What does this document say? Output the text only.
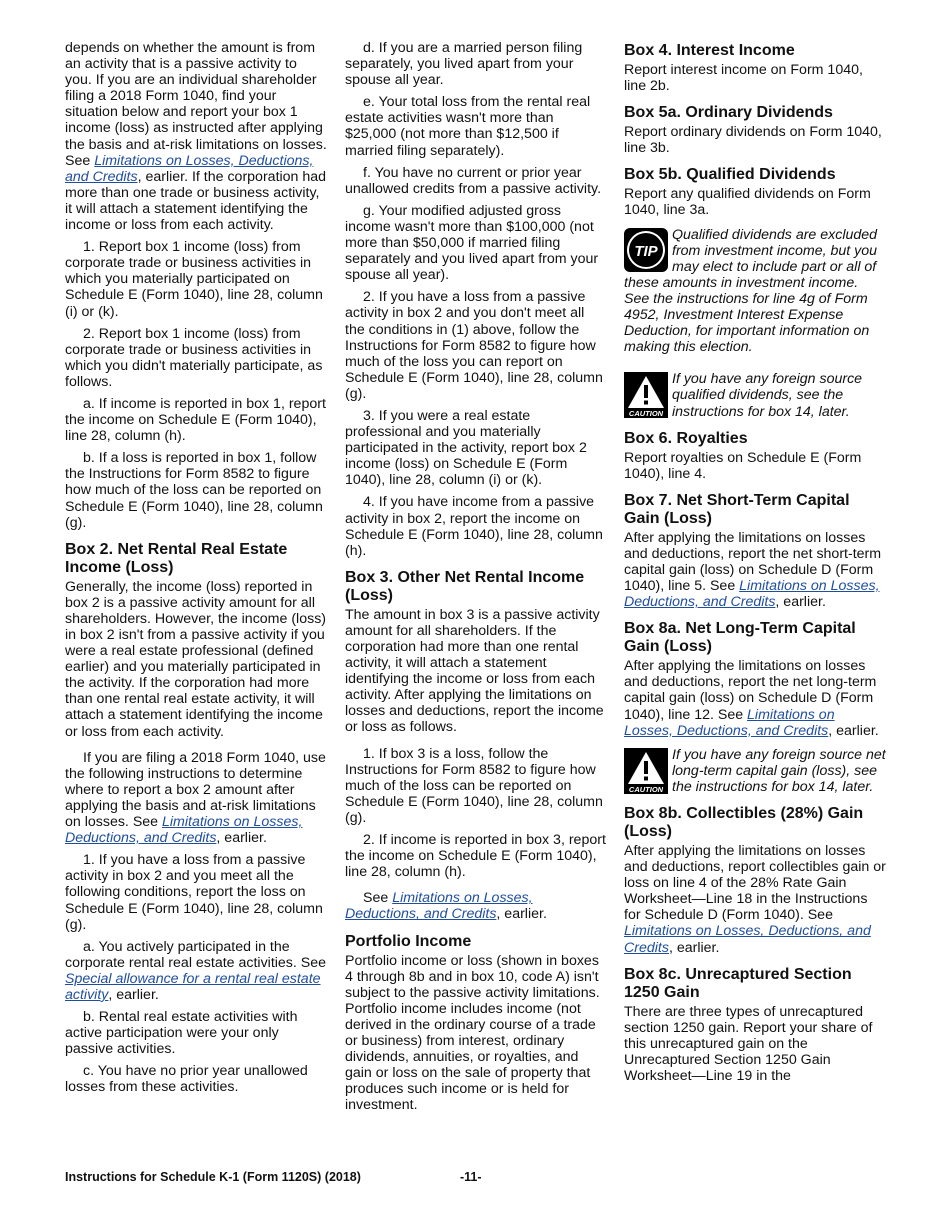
depends on whether the amount is from an activity that is a passive activity to you. If you are an individual shareholder filing a 2018 Form 1040, find your situation below and report your box 1 income (loss) as instructed after applying the basis and at-risk limitations on losses. See Limitations on Losses, Deductions, and Credits, earlier. If the corporation had more than one trade or business activity, it will attach a statement identifying the income or loss from each activity.

1. Report box 1 income (loss) from corporate trade or business activities in which you materially participated on Schedule E (Form 1040), line 28, column (i) or (k).

2. Report box 1 income (loss) from corporate trade or business activities in which you didn't materially participate, as follows.

a. If income is reported in box 1, report the income on Schedule E (Form 1040), line 28, column (h).

b. If a loss is reported in box 1, follow the Instructions for Form 8582 to figure how much of the loss can be reported on Schedule E (Form 1040), line 28, column (g).

Box 2. Net Rental Real Estate Income (Loss)

Generally, the income (loss) reported in box 2 is a passive activity amount for all shareholders. However, the income (loss) in box 2 isn't from a passive activity if you were a real estate professional (defined earlier) and you materially participated in the activity. If the corporation had more than one rental real estate activity, it will attach a statement identifying the income or loss from each activity.

If you are filing a 2018 Form 1040, use the following instructions to determine where to report a box 2 amount after applying the basis and at-risk limitations on losses. See Limitations on Losses, Deductions, and Credits, earlier.

1. If you have a loss from a passive activity in box 2 and you meet all the following conditions, report the loss on Schedule E (Form 1040), line 28, column (g).

a. You actively participated in the corporate rental real estate activities. See Special allowance for a rental real estate activity, earlier.

b. Rental real estate activities with active participation were your only passive activities.

c. You have no prior year unallowed losses from these activities.

d. If you are a married person filing separately, you lived apart from your spouse all year.

e. Your total loss from the rental real estate activities wasn't more than $25,000 (not more than $12,500 if married filing separately).

f. You have no current or prior year unallowed credits from a passive activity.

g. Your modified adjusted gross income wasn't more than $100,000 (not more than $50,000 if married filing separately and you lived apart from your spouse all year).

2. If you have a loss from a passive activity in box 2 and you don't meet all the conditions in (1) above, follow the Instructions for Form 8582 to figure how much of the loss you can report on Schedule E (Form 1040), line 28, column (g).

3. If you were a real estate professional and you materially participated in the activity, report box 2 income (loss) on Schedule E (Form 1040), line 28, column (i) or (k).

4. If you have income from a passive activity in box 2, report the income on Schedule E (Form 1040), line 28, column (h).

Box 3. Other Net Rental Income (Loss)

The amount in box 3 is a passive activity amount for all shareholders. If the corporation had more than one rental activity, it will attach a statement identifying the income or loss from each activity. After applying the limitations on losses and deductions, report the income or loss as follows.

1. If box 3 is a loss, follow the Instructions for Form 8582 to figure how much of the loss can be reported on Schedule E (Form 1040), line 28, column (g).

2. If income is reported in box 3, report the income on Schedule E (Form 1040), line 28, column (h).

See Limitations on Losses, Deductions, and Credits, earlier.

Portfolio Income

Portfolio income or loss (shown in boxes 4 through 8b and in box 10, code A) isn't subject to the passive activity limitations. Portfolio income includes income (not derived in the ordinary course of a trade or business) from interest, ordinary dividends, annuities, or royalties, and gain or loss on the sale of property that produces such income or is held for investment.

Box 4. Interest Income

Report interest income on Form 1040, line 2b.

Box 5a. Ordinary Dividends

Report ordinary dividends on Form 1040, line 3b.

Box 5b. Qualified Dividends

Report any qualified dividends on Form 1040, line 3a.

TIP

Qualified dividends are excluded from investment income, but you may elect to include part or all of these amounts in investment income. See the instructions for line 4g of Form 4952, Investment Interest Expense Deduction, for important information on making this election.

CAUTION

If you have any foreign source qualified dividends, see the instructions for box 14, later.

Box 6. Royalties

Report royalties on Schedule E (Form 1040), line 4.

Box 7. Net Short-Term Capital Gain (Loss)

After applying the limitations on losses and deductions, report the net short-term capital gain (loss) on Schedule D (Form 1040), line 5. See Limitations on Losses, Deductions, and Credits, earlier.

Box 8a. Net Long-Term Capital Gain (Loss)

After applying the limitations on losses and deductions, report the net long-term capital gain (loss) on Schedule D (Form 1040), line 12. See Limitations on Losses, Deductions, and Credits, earlier.

CAUTION

If you have any foreign source net long-term capital gain (loss), see the instructions for box 14, later.

Box 8b. Collectibles (28%) Gain (Loss)

After applying the limitations on losses and deductions, report collectibles gain or loss on line 4 of the 28% Rate Gain Worksheet—Line 18 in the Instructions for Schedule D (Form 1040). See Limitations on Losses, Deductions, and Credits, earlier.

Box 8c. Unrecaptured Section 1250 Gain

There are three types of unrecaptured section 1250 gain. Report your share of this unrecaptured gain on the Unrecaptured Section 1250 Gain Worksheet—Line 19 in the

Instructions for Schedule K-1 (Form 1120S) (2018)	-11-
